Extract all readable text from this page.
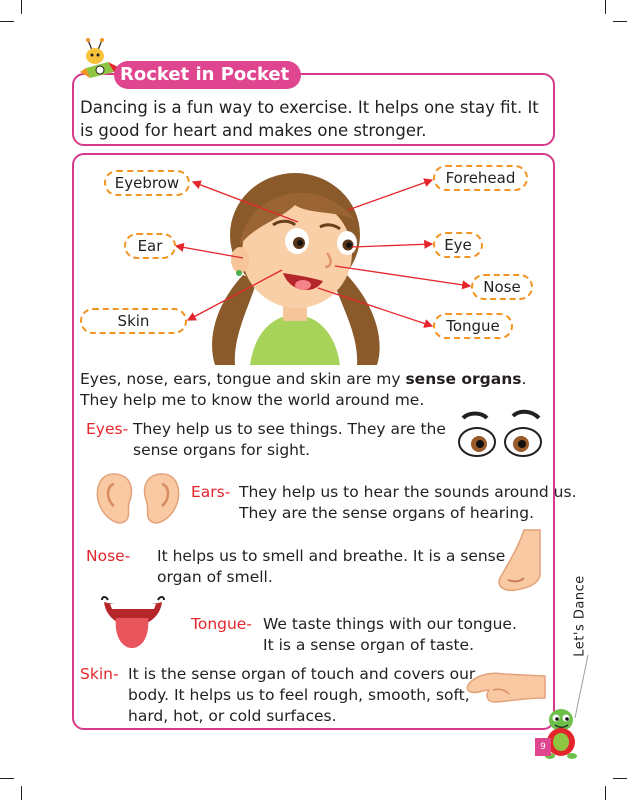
Rocket in Pocket
Dancing is a fun way to exercise. It helps one stay fit. It is good for heart and makes one stronger.
Eyebrow	Forehead
Ear	Eye
Nose
Skin	Tongue
Eyes, nose, ears, tongue and skin are my sense organs.
They help me to know the world around me.
Eyes- They help us to see things. They are the
sense organs for sight.
Ears- They help us to hear the sounds around us.
They are the sense organs of hearing.
Nose- It helps us to smell and breathe. It is a sense
organ of smell.
Tongue- We taste things with our tongue.
It is a sense organ of taste.
Skin- It is the sense organ of touch and covers our
body. It helps us to feel rough, smooth, soft,
hard, hot, or cold surfaces.
Let's Dance
9
